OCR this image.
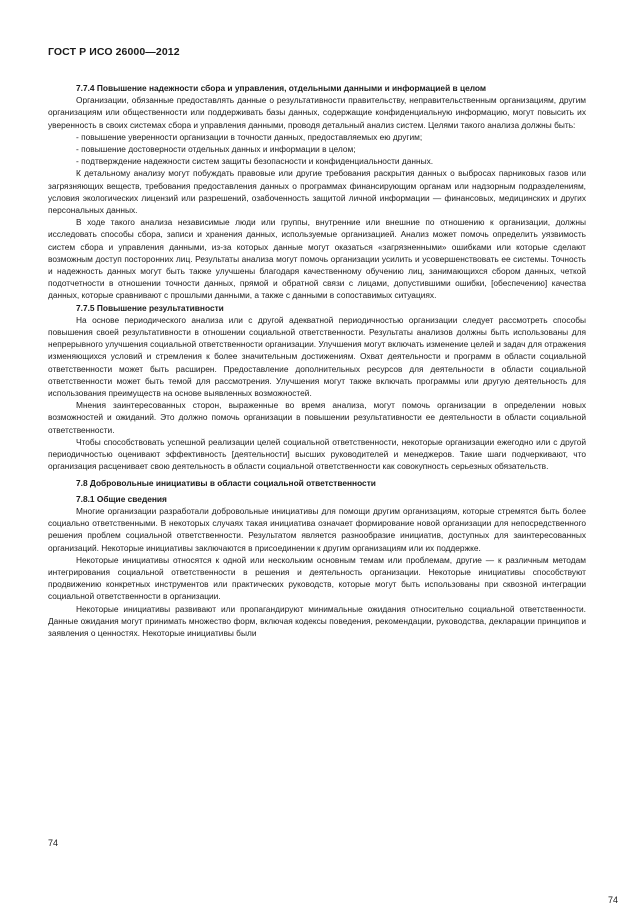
ГОСТ Р ИСО 26000—2012

7.7.4 Повышение надежности сбора и управления, отдельными данными и информацией в целом

Организации, обязанные предоставлять данные о результативности правительству, неправительственным организациям, другим организациям или общественности или поддерживать базы данных, содержащие конфиденциальную информацию, могут повысить их уверенность в своих системах сбора и управления данными, проводя детальный анализ систем. Целями такого анализа должны быть:

- повышение уверенности организации в точности данных, предоставляемых ею другим;

- повышение достоверности отдельных данных и информации в целом;

- подтверждение надежности систем защиты безопасности и конфиденциальности данных.

К детальному анализу могут побуждать правовые или другие требования раскрытия данных о выбросах парниковых газов или загрязняющих веществ, требования предоставления данных о программах финансирующим органам или надзорным подразделениям, условия экологических лицензий или разрешений, озабоченность защитой личной информации — финансовых, медицинских и других персональных данных.

В ходе такого анализа независимые люди или группы, внутренние или внешние по отношению к организации, должны исследовать способы сбора, записи и хранения данных, используемые организацией. Анализ может помочь определить уязвимость систем сбора и управления данными, из-за которых данные могут оказаться «загрязненными» ошибками или которые сделают возможным доступ посторонних лиц. Результаты анализа могут помочь организации усилить и усовершенствовать ее системы. Точность и надежность данных могут быть также улучшены благодаря качественному обучению лиц, занимающихся сбором данных, четкой подотчетности в отношении точности данных, прямой и обратной связи с лицами, допустившими ошибки, [обеспечению] качества данных, которые сравнивают с прошлыми данными, а также с данными в сопоставимых ситуациях.

7.7.5 Повышение результативности

На основе периодического анализа или с другой адекватной периодичностью организации следует рассмотреть способы повышения своей результативности в отношении социальной ответственности. Результаты анализов должны быть использованы для непрерывного улучшения социальной ответственности организации. Улучшения могут включать изменение целей и задач для отражения изменяющихся условий и стремления к более значительным достижениям. Охват деятельности и программ в области социальной ответственности может быть расширен. Предоставление дополнительных ресурсов для деятельности в области социальной ответственности может быть темой для рассмотрения. Улучшения могут также включать программы или другую деятельность для использования преимуществ на основе выявленных возможностей.

Мнения заинтересованных сторон, выраженные во время анализа, могут помочь организации в определении новых возможностей и ожиданий. Это должно помочь организации в повышении результативности ее деятельности в области социальной ответственности.

Чтобы способствовать успешной реализации целей социальной ответственности, некоторые организации ежегодно или с другой периодичностью оценивают эффективность [деятельности] высших руководителей и менеджеров. Такие шаги подчеркивают, что организация расценивает свою деятельность в области социальной ответственности как совокупность серьезных обязательств.

7.8 Добровольные инициативы в области социальной ответственности

7.8.1 Общие сведения

Многие организации разработали добровольные инициативы для помощи другим организациям, которые стремятся быть более социально ответственными. В некоторых случаях такая инициатива означает формирование новой организации для непосредственного решения проблем социальной ответственности. Результатом является разнообразие инициатив, доступных для заинтересованных организаций. Некоторые инициативы заключаются в присоединении к другим организациям или их поддержке.

Некоторые инициативы относятся к одной или нескольким основным темам или проблемам, другие — к различным методам интегрирования социальной ответственности в решения и деятельность организации. Некоторые инициативы способствуют продвижению конкретных инструментов или практических руководств, которые могут быть использованы при сквозной интеграции социальной ответственности в организации.

Некоторые инициативы развивают или пропагандируют минимальные ожидания относительно социальной ответственности. Данные ожидания могут принимать множество форм, включая кодексы поведения, рекомендации, руководства, декларации принципов и заявления о ценностях. Некоторые инициативы были

74
74
